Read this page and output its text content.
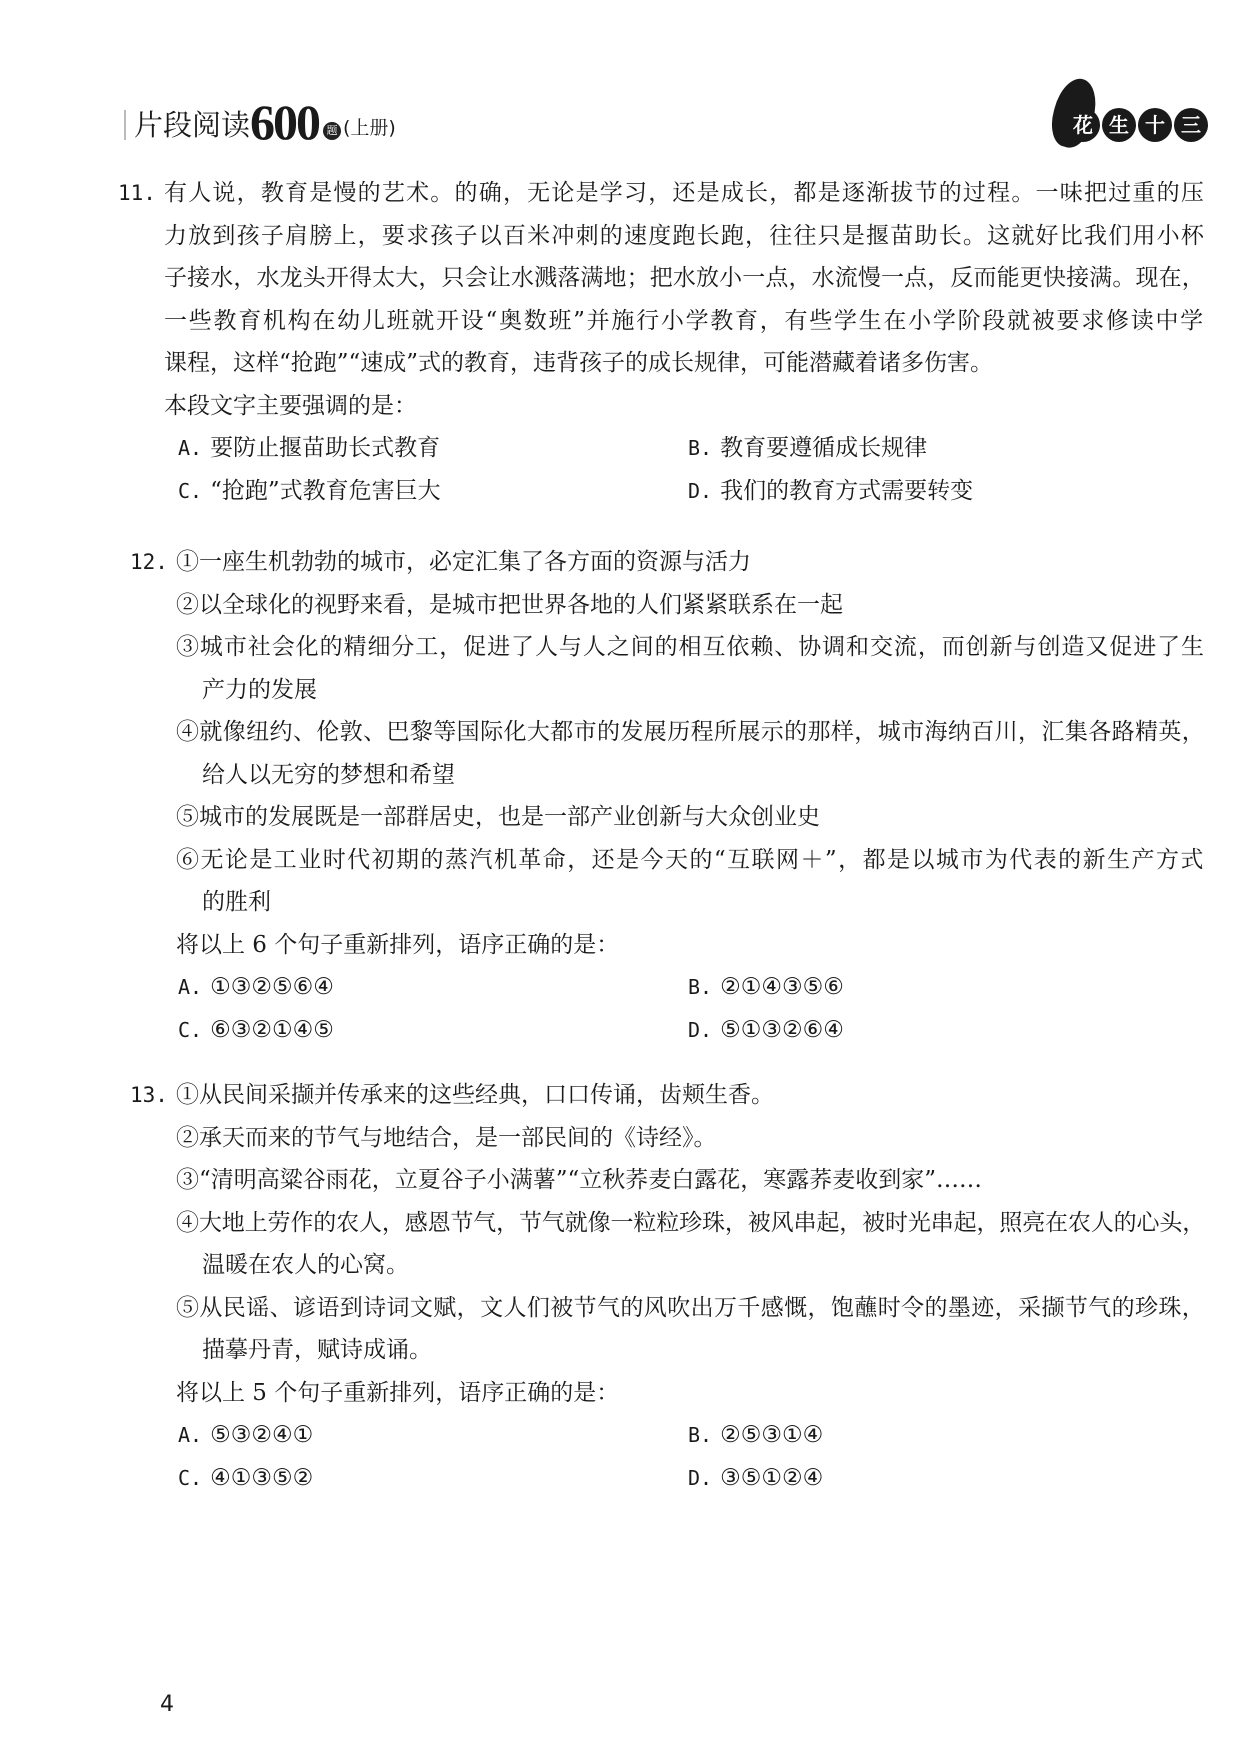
片段阅读 600 题 (上册)	花 生 十 三
11. 有人说，教育是慢的艺术。的确，无论是学习，还是成长，都是逐渐拔节的过程。一味把过重的压
力放到孩子肩膀上，要求孩子以百米冲刺的速度跑长跑，往往只是揠苗助长。这就好比我们用小杯
子接水，水龙头开得太大，只会让水溅落满地；把水放小一点，水流慢一点，反而能更快接满。现在，
一些教育机构在幼儿班就开设“奥数班”并施行小学教育，有些学生在小学阶段就被要求修读中学
课程，这样“抢跑”“速成”式的教育，违背孩子的成长规律，可能潜藏着诸多伤害。
本段文字主要强调的是：
A. 要防止揠苗助长式教育	B. 教育要遵循成长规律
C. “抢跑”式教育危害巨大	D. 我们的教育方式需要转变
12. ①一座生机勃勃的城市，必定汇集了各方面的资源与活力
②以全球化的视野来看，是城市把世界各地的人们紧紧联系在一起
③城市社会化的精细分工，促进了人与人之间的相互依赖、协调和交流，而创新与创造又促进了生
产力的发展
④就像纽约、伦敦、巴黎等国际化大都市的发展历程所展示的那样，城市海纳百川，汇集各路精英，
给人以无穷的梦想和希望
⑤城市的发展既是一部群居史，也是一部产业创新与大众创业史
⑥无论是工业时代初期的蒸汽机革命，还是今天的“互联网＋”，都是以城市为代表的新生产方式
的胜利
将以上 6 个句子重新排列，语序正确的是：
A. ①③②⑤⑥④	B. ②①④③⑤⑥
C. ⑥③②①④⑤	D. ⑤①③②⑥④
13. ①从民间采撷并传承来的这些经典，口口传诵，齿颊生香。
②承天而来的节气与地结合，是一部民间的《诗经》。
③“清明高粱谷雨花，立夏谷子小满薯”“立秋荞麦白露花，寒露荞麦收到家”……
④大地上劳作的农人，感恩节气，节气就像一粒粒珍珠，被风串起，被时光串起，照亮在农人的心头，
温暖在农人的心窝。
⑤从民谣、谚语到诗词文赋，文人们被节气的风吹出万千感慨，饱蘸时令的墨迹，采撷节气的珍珠，
描摹丹青，赋诗成诵。
将以上 5 个句子重新排列，语序正确的是：
A. ⑤③②④①	B. ②⑤③①④
C. ④①③⑤②	D. ③⑤①②④
4
